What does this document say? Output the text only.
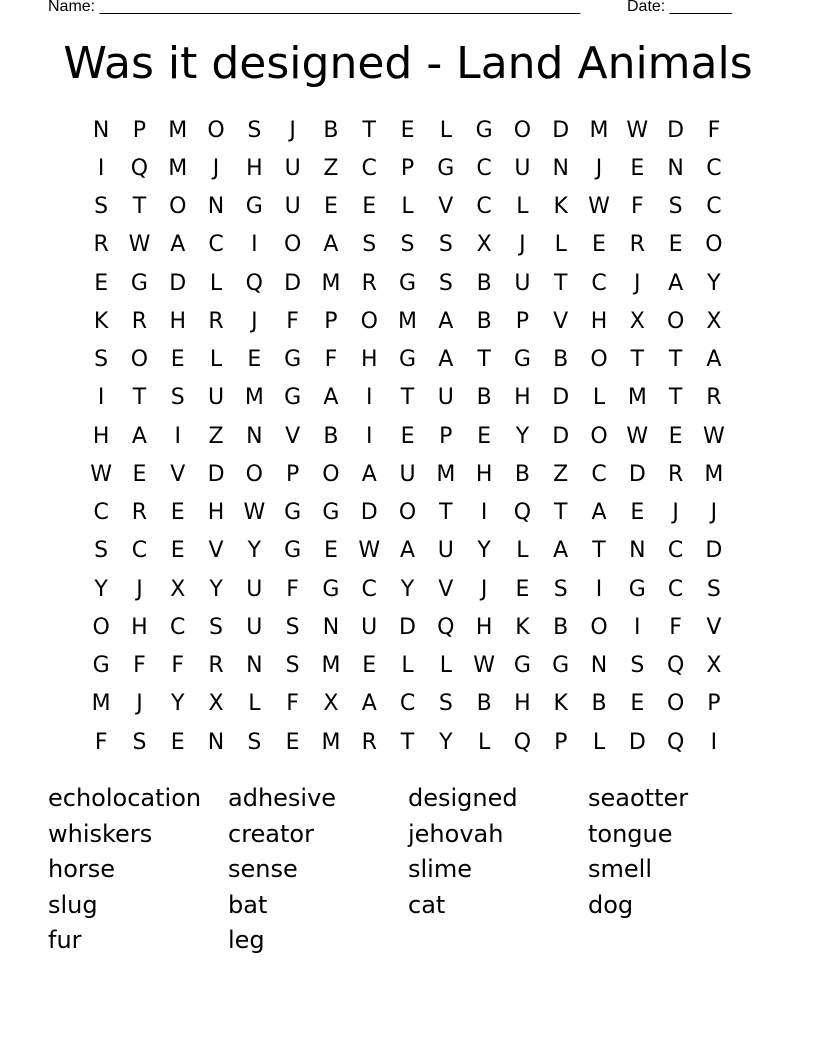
Name: ______________________________________________________	Date: _______
Was it designed - Land Animals
N	P	M O	S	J	B	T	E	L	G O D M W D	F
I	Q M	J	H U	Z	C	P	G	C	U	N	J	E	N	C
S	T	O N G U	E	E	L	V	C	L	K W F	S	C
R W A	C	I	O	A	S	S	S	X	J	L	E	R	E	O
E	G D	L	Q D M R	G	S	B	U	T	C	J	A	Y
K	R	H	R	J	F	P	O M A	B	P	V	H	X	O	X
S	O	E	L	E	G	F	H G	A	T	G	B	O	T	T	A
I	T	S	U M G	A	I	T	U	B	H D	L	M	T	R
H	A	I	Z	N	V	B	I	E	P	E	Y	D O W E W
W E	V	D O	P	O	A	U M H	B	Z	C	D	R M
C	R	E	H W G G D O	T	I	Q	T	A	E	J	J
S	C	E	V	Y	G	E W A	U	Y	L	A	T	N	C	D
Y	J	X	Y	U	F	G	C	Y	V	J	E	S	I	G	C	S
O H	C	S	U	S	N	U D Q H	K	B	O	I	F	V
G	F	F	R	N	S M E	L	L W G G N	S	Q	X
M	J	Y	X	L	F	X	A	C	S	B	H	K	B	E	O	P
F	S	E	N	S	E M R	T	Y	L	Q	P	L	D Q	I
echolocation	adhesive	designed	seaotter
whiskers	creator	jehovah	tongue
horse	sense	slime	smell
slug	bat	cat	dog
fur	leg
